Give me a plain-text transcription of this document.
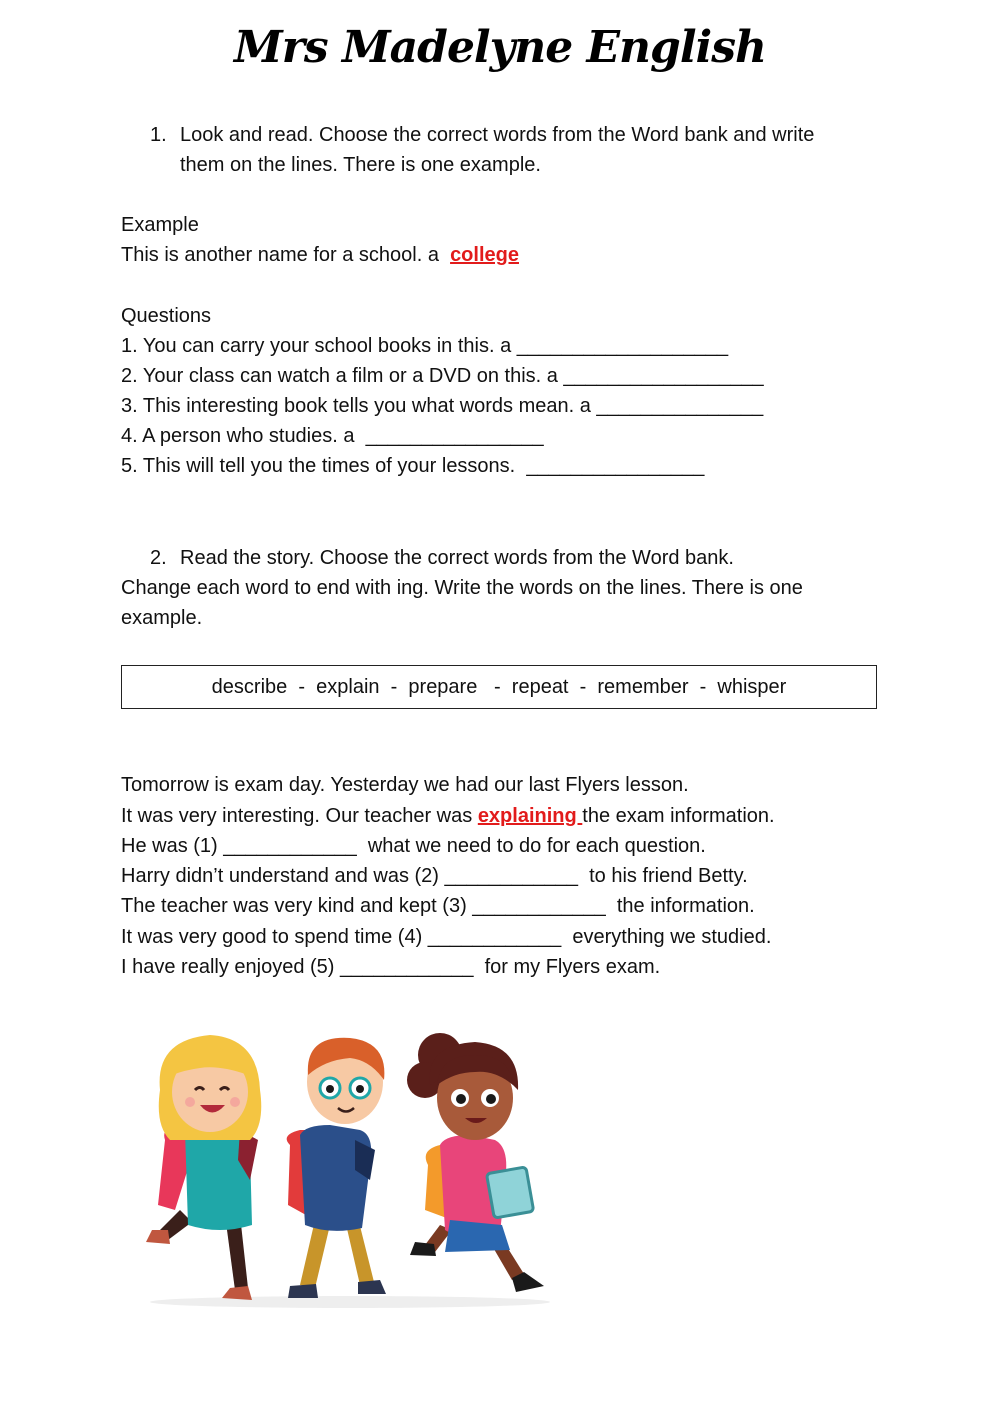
Mrs Madelyne English
1. Look and read. Choose the correct words from the Word bank and write
them on the lines. There is one example.
Example
This is another name for a school. a  college
Questions
1. You can carry your school books in this. a ___________________
2. Your class can watch a film or a DVD on this. a __________________
3. This interesting book tells you what words mean. a _______________
4. A person who studies. a  ________________
5. This will tell you the times of your lessons.  ________________
2. Read the story. Choose the correct words from the Word bank.
Change each word to end with ing. Write the words on the lines. There is one
example.
describe  -  explain  -  prepare   -  repeat  -  remember  -  whisper
Tomorrow is exam day. Yesterday we had our last Flyers lesson.
It was very interesting. Our teacher was explaining the exam information.
He was (1) ____________  what we need to do for each question.
Harry didn’t understand and was (2) ____________  to his friend Betty.
The teacher was very kind and kept (3) ____________  the information.
It was very good to spend time (4) ____________  everything we studied.
I have really enjoyed (5) ____________  for my Flyers exam.
